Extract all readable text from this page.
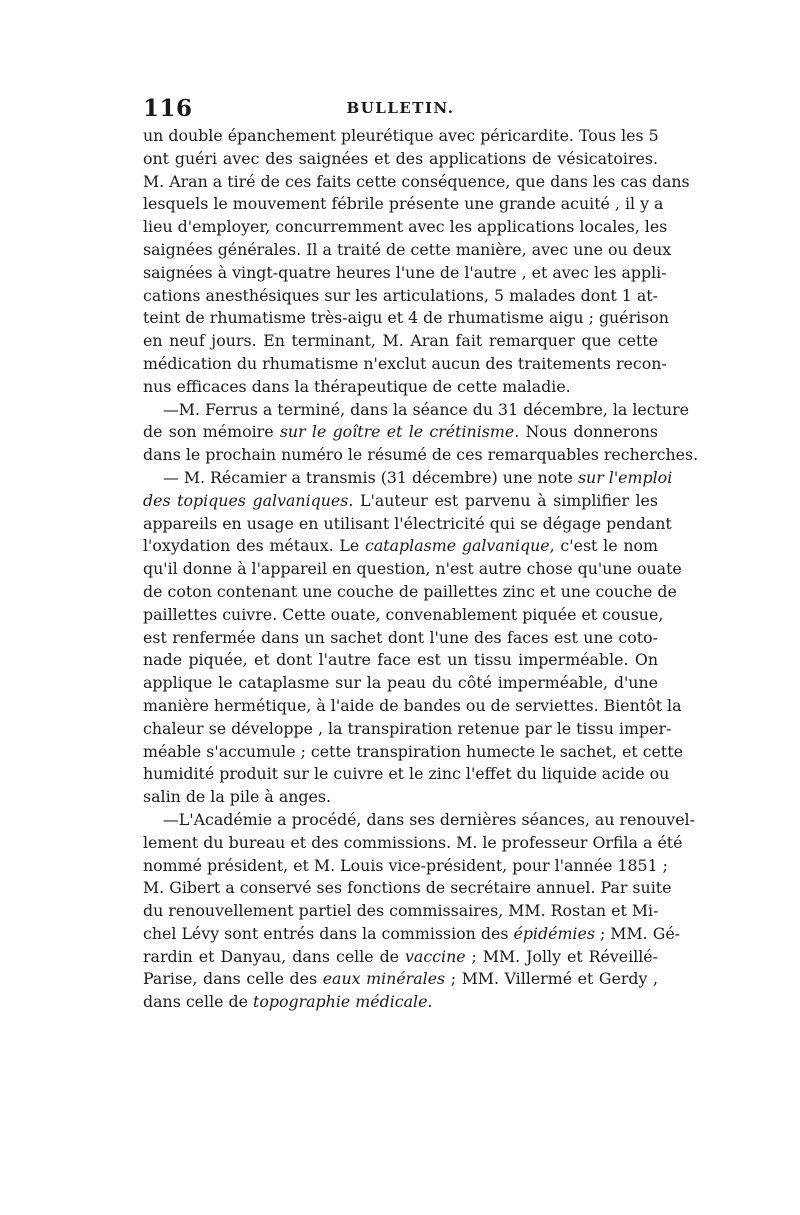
116	BULLETIN.
un double épanchement pleurétique avec péricardite. Tous les 5
ont guéri avec des saignées et des applications de vésicatoires.
M. Aran a tiré de ces faits cette conséquence, que dans les cas dans
lesquels le mouvement fébrile présente une grande acuité , il y a
lieu d'employer, concurremment avec les applications locales, les
saignées générales. Il a traité de cette manière, avec une ou deux
saignées à vingt-quatre heures l'une de l'autre , et avec les appli-
cations anesthésiques sur les articulations, 5 malades dont 1 at-
teint de rhumatisme très-aigu et 4 de rhumatisme aigu ; guérison
en neuf jours. En terminant, M. Aran fait remarquer que cette
médication du rhumatisme n'exclut aucun des traitements recon-
nus efficaces dans la thérapeutique de cette maladie.
—M. Ferrus a terminé, dans la séance du 31 décembre, la lecture
de son mémoire sur le goître et le crétinisme. Nous donnerons
dans le prochain numéro le résumé de ces remarquables recherches.
— M. Récamier a transmis (31 décembre) une note sur l'emploi
des topiques galvaniques. L'auteur est parvenu à simplifier les
appareils en usage en utilisant l'électricité qui se dégage pendant
l'oxydation des métaux. Le cataplasme galvanique, c'est le nom
qu'il donne à l'appareil en question, n'est autre chose qu'une ouate
de coton contenant une couche de paillettes zinc et une couche de
paillettes cuivre. Cette ouate, convenablement piquée et cousue,
est renfermée dans un sachet dont l'une des faces est une coto-
nade piquée, et dont l'autre face est un tissu imperméable. On
applique le cataplasme sur la peau du côté imperméable, d'une
manière hermétique, à l'aide de bandes ou de serviettes. Bientôt la
chaleur se développe , la transpiration retenue par le tissu imper-
méable s'accumule ; cette transpiration humecte le sachet, et cette
humidité produit sur le cuivre et le zinc l'effet du liquide acide ou
salin de la pile à anges.
—L'Académie a procédé, dans ses dernières séances, au renouvel-
lement du bureau et des commissions. M. le professeur Orfila a été
nommé président, et M. Louis vice-président, pour l'année 1851 ;
M. Gibert a conservé ses fonctions de secrétaire annuel. Par suite
du renouvellement partiel des commissaires, MM. Rostan et Mi-
chel Lévy sont entrés dans la commission des épidémies ; MM. Gé-
rardin et Danyau, dans celle de vaccine ; MM. Jolly et Réveillé-
Parise, dans celle des eaux minérales ; MM. Villermé et Gerdy ,
dans celle de topographie médicale.
